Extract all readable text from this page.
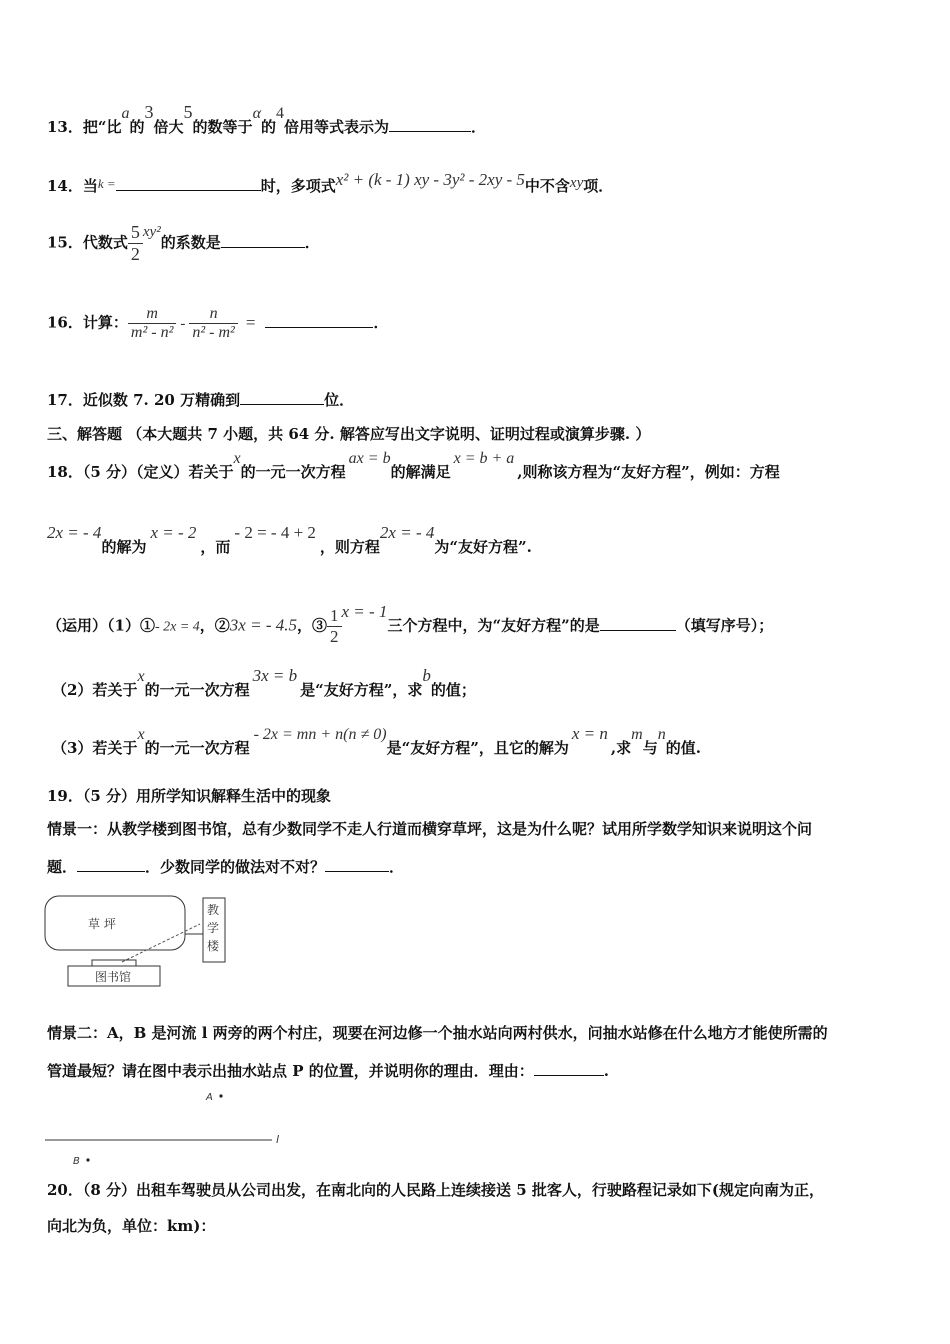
13．把“比a的3倍大5的数等于α的4倍用等式表示为	．
14．当k =	时，多项式x² + (k - 1) xy - 3y² - 2xy - 5中不含xy项．
15．代数式 $\frac{5}{2} xy^2$的系数是	．
16．计算： $\frac{m}{\text{m² - n²}} - \frac{n}{\text{n² - m²}}$ =	．
17．近似数 7. 20 万精确到	位．
三、解答题 （本大题共 7 小题，共 64 分. 解答应写出文字说明、证明过程或演算步骤. ）
18．（5 分）（定义）若关于x的一元一次方程ax = b的解满足x = b + a,则称该方程为“友好方程”，例如：方程
2x = - 4的解为x = - 2，而- 2 = - 4 + 2，则方程2x = - 4为“友好方程”.
（运用）（1）①- 2x = 4，②3x = - 4.5，③ $\frac{1}{2}$ x = - 1三个方程中，为“友好方程”的是	（填写序号）；
（2）若关于x的一元一次方程3x = b是“友好方程”，求b的值；
（3）若关于x的一元一次方程- 2x = mn + n(n ≠ 0)是“友好方程”，且它的解为x = n,求m与n的值.
19．（5 分）用所学知识解释生活中的现象
情景一：从教学楼到图书馆，总有少数同学不走人行道而横穿草坪，这是为什么呢？试用所学数学知识来说明这个问
题．	．少数同学的做法对不对？	．
草 坪
教
学
楼
图书馆
情景二：A，B 是河流 l 两旁的两个村庄，现要在河边修一个抽水站向两村供水，问抽水站修在什么地方才能使所需的
管道最短？请在图中表示出抽水站点 P 的位置，并说明你的理由．理由：	.
A
l
B
20．（8 分）出租车驾驶员从公司出发，在南北向的人民路上连续接送 5 批客人，行驶路程记录如下(规定向南为正，
向北为负，单位：km)：
